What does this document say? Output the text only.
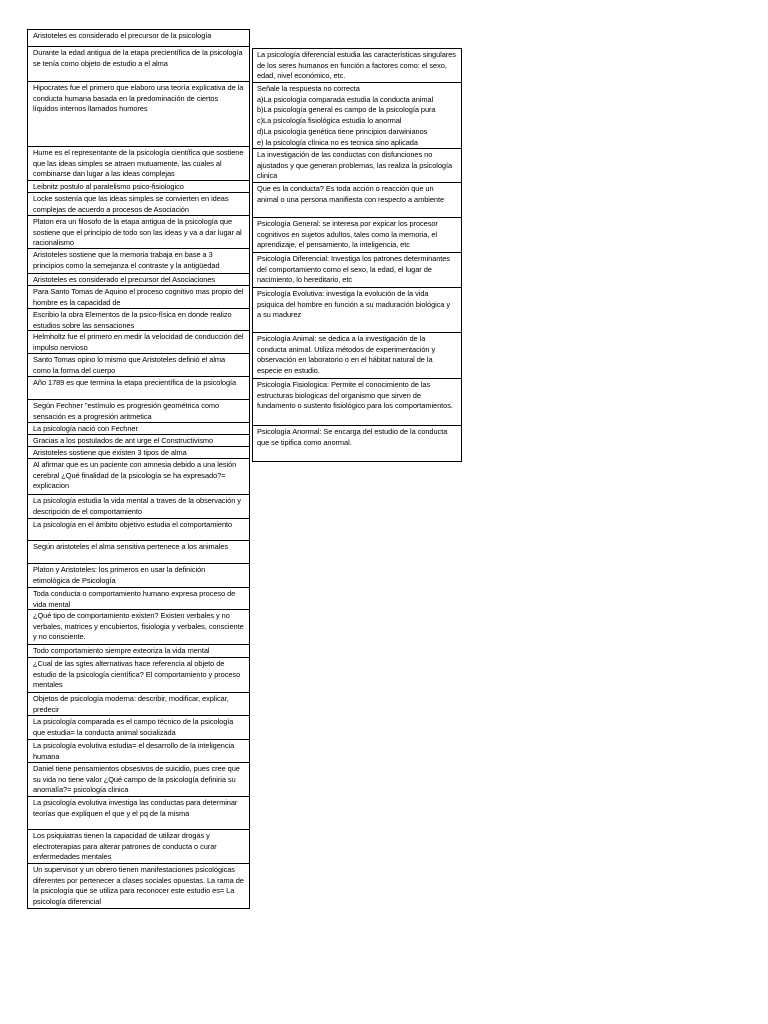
Aristoteles es considerado el precursor de la psicología
Durante la edad antigua de la etapa precientífica de la psicología se tenía como objeto de estudio a el alma
Hipocrates fue el primero que elaboro una teoría explicativa de la conducta humana basada en la predominación de ciertos líquidos internos llamados humores
Hume es el representante de la psicología científica que sostiene que las ideas simples se atraen mutuamente, las cuales al combinarse dan lugar a las ideas complejas
Leibnitz postulo al paralelismo psico-fisiologico
Locke sostenía que las ideas simples se convierten en ideas complejas de acuerdo a procesos de Asociación
Platon era un filosofo de la etapa antigua de la psicología que sostiene que el principio de todo son las ideas y va a dar lugar al racionalismo
Aristoteles sostiene que la memoria trabaja en base a 3 principios como la semejanza el contraste y la antigüedad
Aristoteles es considerado el precursor del Asociaciones
Para Santo Tomas de Aquino el proceso cognitivo mas propio del hombre es la capacidad de
Escribio la obra Elementos de la psico-física en donde realizo estudios sobre las sensaciones
Helmholtz fue el primero en medir la velocidad de conducción del impulso nervioso
Santo Tomas opino lo mismo que Aristoteles definió el alma como la forma del cuerpo
Año 1789 es que termina la etapa precientífica de la psicología
Según Fechner "estímulo es progresión geométrica como sensación es a progresión aritmetica
La psicología nació con Fechner
Gracias a los postulados de ant urge el Constructivismo
Aristoteles sostiene que existen 3 tipos de alma
Al afirmar que es un paciente con amnesia debido a una lesión cerebral ¿Qué finalidad de la psicología se ha expresado?= explicacion
La psicología estudia la vida mental a traves de la observación y descripción de el comportamiento
La psicología en el ámbito objetivo estudia el comportamiento
Según aristoteles el alma sensitiva pertenece a los animales
Platon y Aristoteles: los primeros en usar la definición etimológica de Psicología
Toda conducta o comportamiento humano expresa proceso de vida mental
¿Qué tipo de comportamiento existen? Existen verbales y no verbales, matrices y encubiertos, fisiologia y verbales, consciente y no consciente.
Todo comportamiento siempre exteoriza la vida mental
¿Cual de las sgtes alternativas hace referencia al objeto de estudio de la psicología científica? El comportamiento y proceso mentales
Objetos de psicología moderna: describir, modificar, explicar, predecir
La psicología comparada es el campo técnico de la psicología que estudia= la conducta animal socializada
La psicología evolutiva estudia= el desarrollo de la inteligencia humana
Daniel tiene pensamientos obsesivos de suicidio, pues cree que su vida no tiene valor ¿Qué campo de la psicología definiria su anomalía?= psicología clinica
La psicología evolutiva investiga las conductas para determinar teorías que expliquen el que y el pq de la misma
Los psiquiatras tienen la capacidad de utilizar drogas y electroterapias para alterar patrones de conducta o curar enfermedades mentales
Un supervisor y un obrero tienen manifestaciones psicológicas diferentes por pertenecer a clases sociales opuestas. La rama de la psicología que se utiliza para reconocer este estudio es= La psicología diferencial
La psicología diferencial estudia las características singulares de los seres humanos en función a factores como: el sexo, edad, nivel económico, etc.
Señale la respuesta no correcta
a)La psicología comparada estudia la conducta animal
b)La psicología general es campo de la psicología pura
c)La psicología fisiológica estudia lo anormal
d)La psicología genética tiene principios darwinianos
e) la psicología clínica no es tecnica sino aplicada
La investigación de las conductas con disfunciones no ajustados y que generan problemas, las realiza la psicología clinica
Que es la conducta? Es toda acción o reacción que un animal o una persona manifiesta con respecto a ambiente
Psicología General: se interesa por expicar los procesor cognitivos en sujetos adultos, tales como la memoria, el aprendizaje, el pensamiento, la inteligencia, etc
Psicología Diferencial: Investiga los patrones determinantes del comportamiento como el sexo, la edad, el lugar de nacimiento, lo hereditario, etc
Psicología Evolutiva: investiga la evolución de la vida psiquica del hombre en función a su maduración biológica y a su madurez
Psicología Animal: se dedica a la investigación de la conducta animal. Utiliza métodos de experimentación y observación en laboratorio o en el hábitat natural de la especie en estudio.
Psicología Fisiologica: Permite el conocimiento de las estructuras biologicas del organismo que sirven de fundamento o sustento fisiológico para los comportamientos.
Psicología Anormal: Se encarga del estudio de la conducta que se tipifica como anormal.
